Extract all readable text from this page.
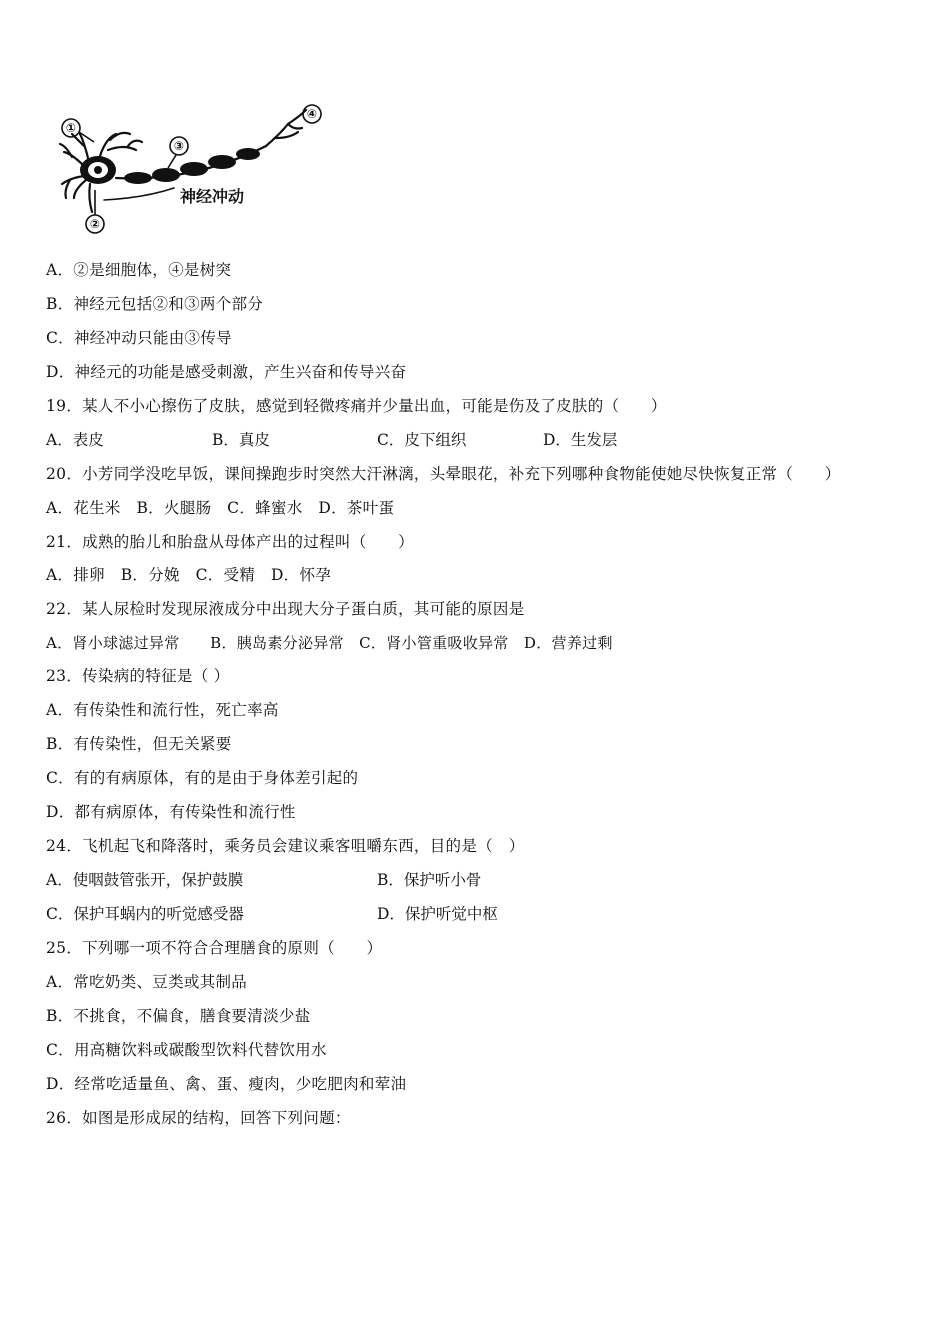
①
②
③
④
神经冲动
A．②是细胞体，④是树突
B．神经元包括②和③两个部分
C．神经冲动只能由③传导
D．神经元的功能是感受刺激，产生兴奋和传导兴奋
19．某人不小心擦伤了皮肤，感觉到轻微疼痛并少量出血，可能是伤及了皮肤的（　　）
A．表皮	B．真皮	C．皮下组织	D．生发层
20．小芳同学没吃早饭，课间操跑步时突然大汗淋漓，头晕眼花，补充下列哪种食物能使她尽快恢复正常（　　）
A．花生米　B．火腿肠　C．蜂蜜水　D．茶叶蛋
21．成熟的胎儿和胎盘从母体产出的过程叫（　　）
A．排卵　B．分娩　C．受精　D．怀孕
22．某人尿检时发现尿液成分中出现大分子蛋白质，其可能的原因是
A．肾小球滤过异常　　B．胰岛素分泌异常　C．肾小管重吸收异常　D．营养过剩
23．传染病的特征是（ ）
A．有传染性和流行性，死亡率高
B．有传染性，但无关紧要
C．有的有病原体，有的是由于身体差引起的
D．都有病原体，有传染性和流行性
24．飞机起飞和降落时，乘务员会建议乘客咀嚼东西，目的是（　）
A．使咽鼓管张开，保护鼓膜	B．保护听小骨
C．保护耳蜗内的听觉感受器	D．保护听觉中枢
25．下列哪一项不符合合理膳食的原则（　　）
A．常吃奶类、豆类或其制品
B．不挑食，不偏食，膳食要清淡少盐
C．用高糖饮料或碳酸型饮料代替饮用水
D．经常吃适量鱼、禽、蛋、瘦肉，少吃肥肉和荤油
26．如图是形成尿的结构，回答下列问题：
